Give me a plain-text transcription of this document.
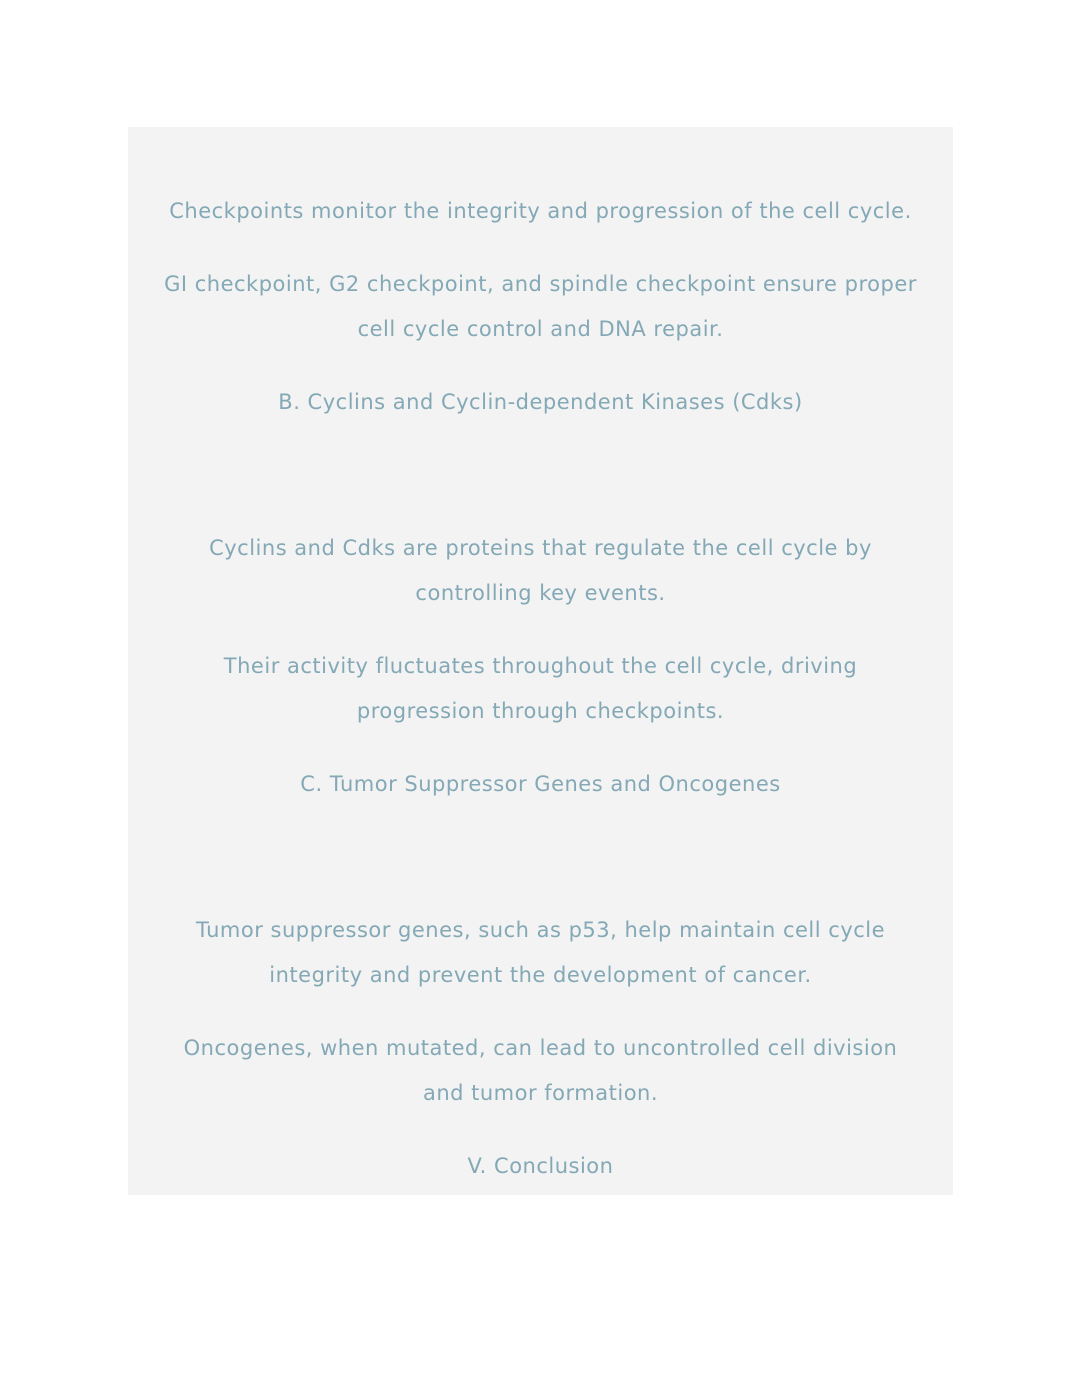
Checkpoints monitor the integrity and progression of the cell cycle.
GI checkpoint, G2 checkpoint, and spindle checkpoint ensure proper
cell cycle control and DNA repair.
B. Cyclins and Cyclin-dependent Kinases (Cdks)
Cyclins and Cdks are proteins that regulate the cell cycle by
controlling key events.
Their activity fluctuates throughout the cell cycle, driving
progression through checkpoints.
C. Tumor Suppressor Genes and Oncogenes
Tumor suppressor genes, such as p53, help maintain cell cycle
integrity and prevent the development of cancer.
Oncogenes, when mutated, can lead to uncontrolled cell division
and tumor formation.
V. Conclusion
